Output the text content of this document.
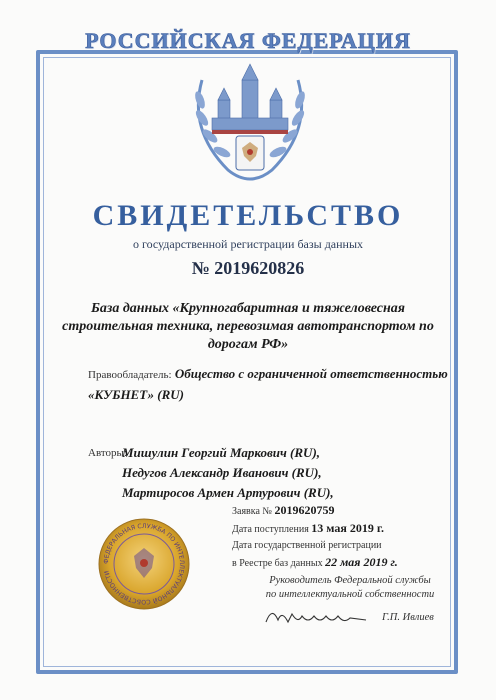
РОССИЙСКАЯ ФЕДЕРАЦИЯ
СВИДЕТЕЛЬСТВО
о государственной регистрации базы данных
№ 2019620826
База данных «Крупногабаритная и тяжеловесная строительная техника, перевозимая автотранспортом по дорогам РФ»
Правообладатель: Общество с ограниченной ответственностью
«КУБНЕТ» (RU)
Авторы:
Мишулин Георгий Маркович (RU),
Недугов Александр Иванович (RU),
Мартиросов Армен Артурович (RU),
Заявка № 2019620759
Дата поступления 13 мая 2019 г.
Дата государственной регистрации
в Реестре баз данных 22 мая 2019 г.
ФЕДЕРАЛЬНАЯ СЛУЖБА ПО ИНТЕЛЛЕКТУАЛЬНОЙ СОБСТВЕННОСТИ
Руководитель Федеральной службы
по интеллектуальной собственности
Г.П. Ивлиев
